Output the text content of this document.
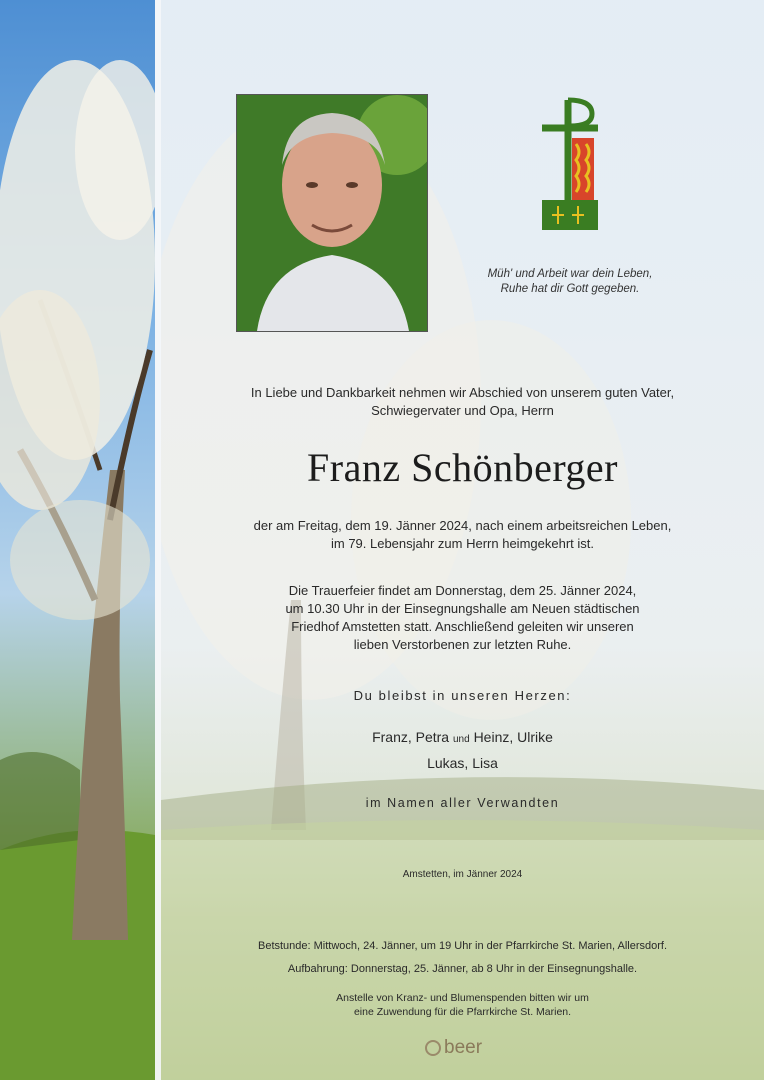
Müh' und Arbeit war dein Leben,
Ruhe hat dir Gott gegeben.
In Liebe und Dankbarkeit nehmen wir Abschied von unserem guten Vater,
Schwiegervater und Opa, Herrn
Franz Schönberger
der am Freitag, dem 19. Jänner 2024, nach einem arbeitsreichen Leben,
im 79. Lebensjahr zum Herrn heimgekehrt ist.
Die Trauerfeier findet am Donnerstag, dem 25. Jänner 2024,
um 10.30 Uhr in der Einsegnungshalle am Neuen städtischen
Friedhof Amstetten statt. Anschließend geleiten wir unseren
lieben Verstorbenen zur letzten Ruhe.
Du bleibst in unseren Herzen:
Franz, Petra und Heinz, Ulrike
Lukas, Lisa
im Namen aller Verwandten
Amstetten, im Jänner 2024
Betstunde: Mittwoch, 24. Jänner, um 19 Uhr in der Pfarrkirche St. Marien, Allersdorf.
Aufbahrung: Donnerstag, 25. Jänner, ab 8 Uhr in der Einsegnungshalle.
Anstelle von Kranz- und Blumenspenden bitten wir um
eine Zuwendung für die Pfarrkirche St. Marien.
beer
